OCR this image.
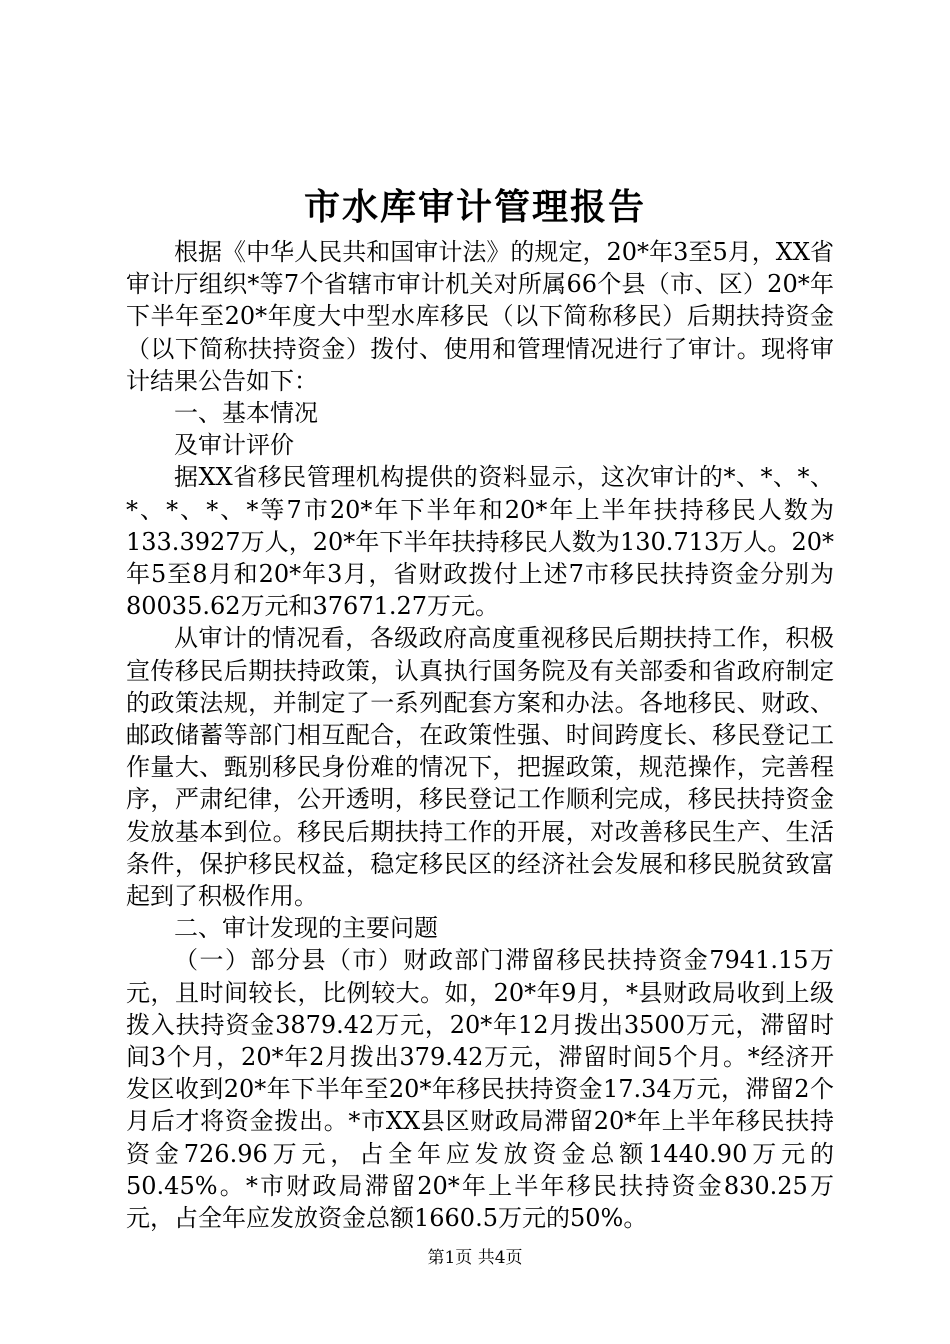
市水库审计管理报告

根据《中华人民共和国审计法》的规定，20*年3至5月，XX省审计厅组织*等7个省辖市审计机关对所属66个县（市、区）20*年下半年至20*年度大中型水库移民（以下简称移民）后期扶持资金（以下简称扶持资金）拨付、使用和管理情况进行了审计。现将审计结果公告如下：

一、基本情况

及审计评价

据XX省移民管理机构提供的资料显示，这次审计的*、*、*、*、*、*、*等7市20*年下半年和20*年上半年扶持移民人数为133.3927万人，20*年下半年扶持移民人数为130.713万人。20*年5至8月和20*年3月，省财政拨付上述7市移民扶持资金分别为80035.62万元和37671.27万元。

从审计的情况看，各级政府高度重视移民后期扶持工作，积极宣传移民后期扶持政策，认真执行国务院及有关部委和省政府制定的政策法规，并制定了一系列配套方案和办法。各地移民、财政、邮政储蓄等部门相互配合，在政策性强、时间跨度长、移民登记工作量大、甄别移民身份难的情况下，把握政策，规范操作，完善程序，严肃纪律，公开透明，移民登记工作顺利完成，移民扶持资金发放基本到位。移民后期扶持工作的开展，对改善移民生产、生活条件，保护移民权益，稳定移民区的经济社会发展和移民脱贫致富起到了积极作用。

二、审计发现的主要问题

（一）部分县（市）财政部门滞留移民扶持资金7941.15万元，且时间较长，比例较大。如，20*年9月，*县财政局收到上级拨入扶持资金3879.42万元，20*年12月拨出3500万元，滞留时间3个月，20*年2月拨出379.42万元，滞留时间5个月。*经济开发区收到20*年下半年至20*年移民扶持资金17.34万元，滞留2个月后才将资金拨出。*市XX县区财政局滞留20*年上半年移民扶持资金726.96万元，占全年应发放资金总额1440.90万元的50.45%。*市财政局滞留20*年上半年移民扶持资金830.25万元，占全年应发放资金总额1660.5万元的50%。

第1页 共4页
